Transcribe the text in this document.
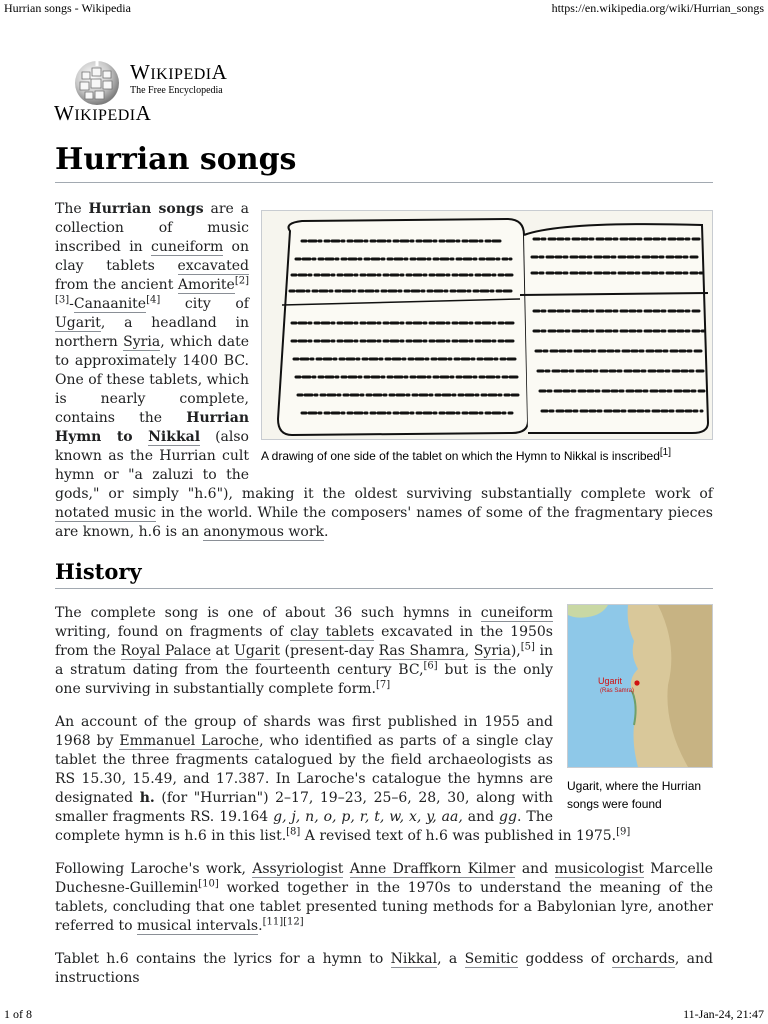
Hurrian songs - Wikipedia	https://en.wikipedia.org/wiki/Hurrian_songs
WIKIPEDIA
The Free Encyclopedia
WIKIPEDIA
Hurrian songs
A drawing of one side of the tablet on which the Hymn to Nikkal is inscribed[1]

The Hurrian songs are a collection of music inscribed in cuneiform on clay tablets excavated from the ancient Amorite[2][3]-Canaanite[4] city of Ugarit, a headland in northern Syria, which date to approximately 1400 BC. One of these tablets, which is nearly complete, contains the Hurrian Hymn to Nikkal (also known as the Hurrian cult hymn or "a zaluzi to the gods," or simply "h.6"), making it the oldest surviving substantially complete work of notated music in the world. While the composers' names of some of the fragmentary pieces are known, h.6 is an anonymous work.

History
Ugarit
(Ras Samra)
Ugarit, where the Hurrian songs were found

The complete song is one of about 36 such hymns in cuneiform writing, found on fragments of clay tablets excavated in the 1950s from the Royal Palace at Ugarit (present-day Ras Shamra, Syria),[5] in a stratum dating from the fourteenth century BC,[6] but is the only one surviving in substantially complete form.[7]

An account of the group of shards was first published in 1955 and 1968 by Emmanuel Laroche, who identified as parts of a single clay tablet the three fragments catalogued by the field archaeologists as RS 15.30, 15.49, and 17.387. In Laroche's catalogue the hymns are designated h. (for "Hurrian") 2–17, 19–23, 25–6, 28, 30, along with smaller fragments RS. 19.164 g, j, n, o, p, r, t, w, x, y, aa, and gg. The complete hymn is h.6 in this list.[8] A revised text of h.6 was published in 1975.[9]

Following Laroche's work, Assyriologist Anne Draffkorn Kilmer and musicologist Marcelle Duchesne-Guillemin[10] worked together in the 1970s to understand the meaning of the tablets, concluding that one tablet presented tuning methods for a Babylonian lyre, another referred to musical intervals.[11][12]

Tablet h.6 contains the lyrics for a hymn to Nikkal, a Semitic goddess of orchards, and instructions

1 of 8	11-Jan-24, 21:47
